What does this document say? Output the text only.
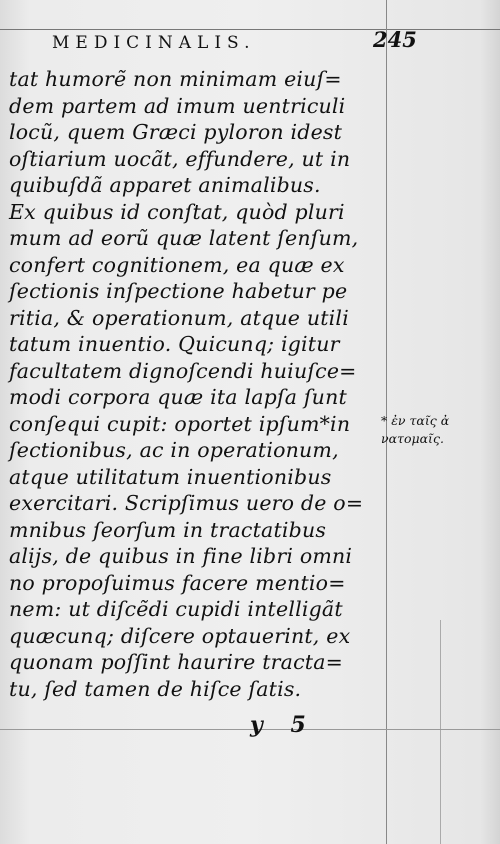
MEDICINALIS.	245
tat humorẽ non minimam eiuſ=
dem partem ad imum uentriculi
locũ, quem Græci pyloron idest
oſtiarium uocãt, effundere, ut in
quibuſdã apparet animalibus.
Ex quibus id conſtat, quòd pluri
mum ad eorũ quæ latent ſenſum,
confert cognitionem, ea quæ ex
ſectionis inſpectione habetur pe
ritia, & operationum, atque utili
tatum inuentio. Quicunq; igitur
facultatem dignoſcendi huiuſce=
modi corpora quæ ita lapſa ſunt
conſequi cupit: oportet ipſum*in
ſectionibus, ac in operationum,
atque utilitatum inuentionibus
exercitari. Scripſimus uero de o=
mnibus ſeorſum in tractatibus
alijs, de quibus in fine libri omni
no propoſuimus facere mentio=
nem: ut diſcẽdi cupidi intelligãt
quæcunq; diſcere optauerint, ex
quonam poſſint haurire tracta=
tu, ſed tamen de hiſce ſatis.
* ἐν ταῖς ἀ
νατομαῖς.
y 5
